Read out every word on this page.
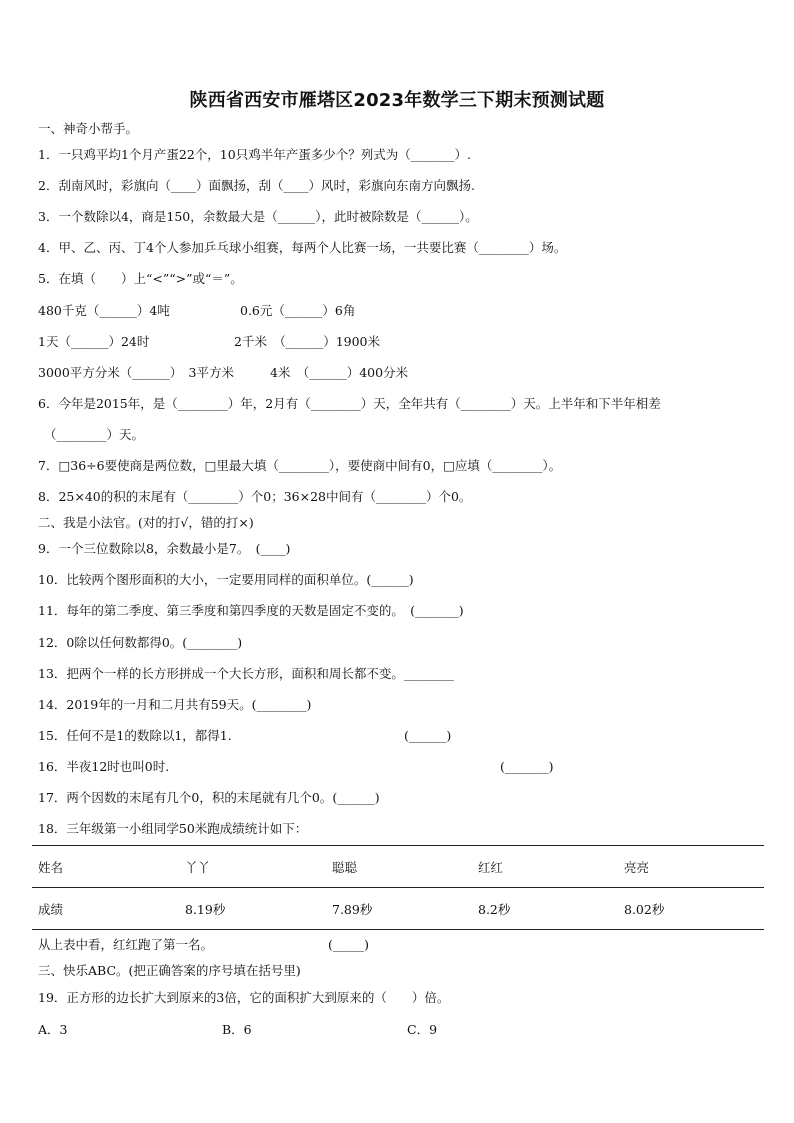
陕西省西安市雁塔区2023年数学三下期末预测试题
一、神奇小帮手。
1．一只鸡平均1个月产蛋22个，10只鸡半年产蛋多少个？列式为（_______）.
2．刮南风时，彩旗向（____）面飘扬，刮（____）风时，彩旗向东南方向飘扬.
3．一个数除以4，商是150，余数最大是（______），此时被除数是（______）。
4．甲、乙、丙、丁4个人参加乒乓球小组赛，每两个人比赛一场，一共要比赛（________）场。
5．在填（　　）上“<”“>”或“＝”。
480千克（______）4吨	0.6元（______）6角
1天（______）24时	2千米　（______）1900米
3000平方分米（______）　3平方米	4米　（______）400分米
6．今年是2015年，是（________）年，2月有（________）天，全年共有（________）天。上半年和下半年相差
（________）天。
7．□36÷6要使商是两位数，□里最大填（________），要使商中间有0，□应填（________）。
8．25×40的积的末尾有（________）个0；36×28中间有（________）个0。
二、我是小法官。(对的打√，错的打×)
9．一个三位数除以8，余数最小是7。　(____)
10．比较两个图形面积的大小，一定要用同样的面积单位。(______)
11．每年的第二季度、第三季度和第四季度的天数是固定不变的。　(_______)
12．0除以任何数都得0。(________)
13．把两个一样的长方形拼成一个大长方形，面积和周长都不变。________
14．2019年的一月和二月共有59天。(________)
15．任何不是1的数除以1，都得1.	(______)
16．半夜12时也叫0时.	(_______)
17．两个因数的末尾有几个0，积的末尾就有几个0。(______)
18．三年级第一小组同学50米跑成绩统计如下：
姓名	丫丫	聪聪	红红	亮亮
成绩	8.19秒	7.89秒	8.2秒	8.02秒
从上表中看，红红跑了第一名。	(_____)
三、快乐ABC。(把正确答案的序号填在括号里)
19．正方形的边长扩大到原来的3倍，它的面积扩大到原来的（　　）倍。
A．3	B．6	C．9
